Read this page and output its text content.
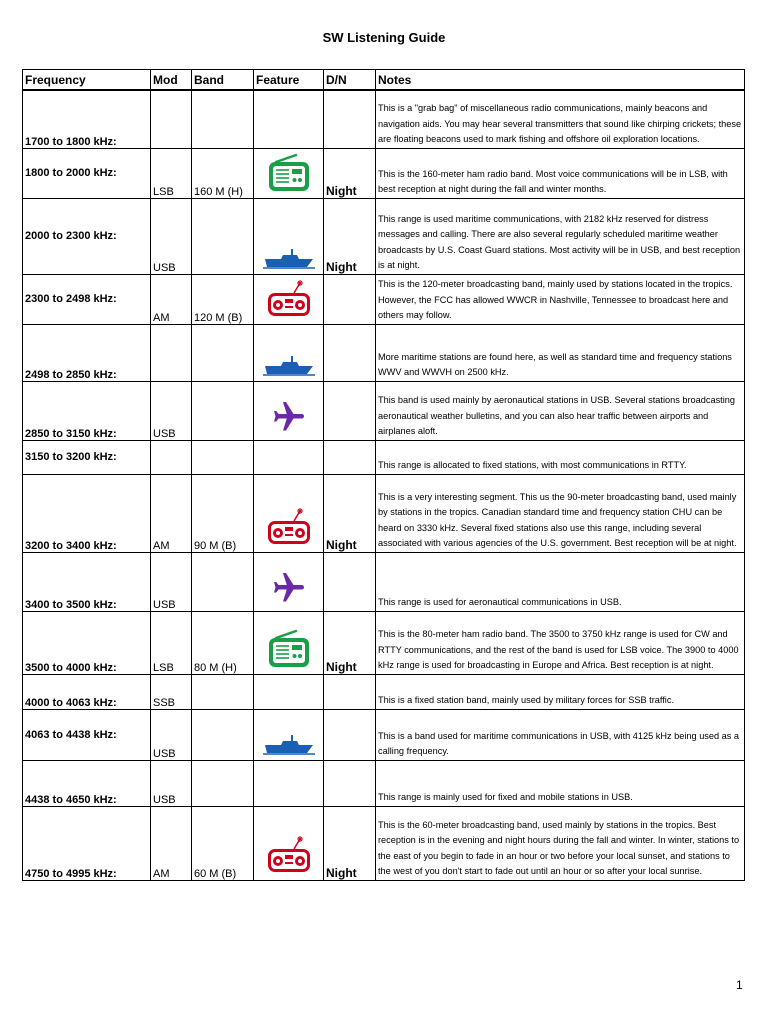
SW Listening Guide
Frequency	Mod	Band	Feature	D/N	Notes
1700 to 1800 kHz:					This is a "grab bag" of miscellaneous radio communications, mainly beacons and navigation aids. You may hear several transmitters that sound like chirping crickets; these are floating beacons used to mark fishing and offshore oil exploration locations.
1800 to 2000 kHz:	LSB	160 M (H)		Night	This is the 160-meter ham radio band. Most voice communications will be in LSB, with best reception at night during the fall and winter months.
2000 to 2300 kHz:	USB			Night	This range is used maritime communications, with 2182 kHz reserved for distress messages and calling. There are also several regularly scheduled maritime weather broadcasts by U.S. Coast Guard stations. Most activity will be in USB, and best reception is at night.
2300 to 2498 kHz:	AM	120 M (B)			This is the 120-meter broadcasting band, mainly used by stations located in the tropics. However, the FCC has allowed WWCR in Nashville, Tennessee to broadcast here and others may follow.
2498 to 2850 kHz:					More maritime stations are found here, as well as standard time and frequency stations WWV and WWVH on 2500 kHz.
2850 to 3150 kHz:	USB				This band is used mainly by aeronautical stations in USB. Several stations broadcasting aeronautical weather bulletins, and you can also hear traffic between airports and airplanes aloft.
3150 to 3200 kHz:					This range is allocated to fixed stations, with most communications in RTTY.
3200 to 3400 kHz:	AM	90 M (B)		Night	This is a very interesting segment. This us the 90-meter broadcasting band, used mainly by stations in the tropics. Canadian standard time and frequency station CHU can be heard on 3330 kHz. Several fixed stations also use this range, including several associated with various agencies of the U.S. government. Best reception will be at night.
3400 to 3500 kHz:	USB				This range is used for aeronautical communications in USB.
3500 to 4000 kHz:	LSB	80 M (H)		Night	This is the 80-meter ham radio band. The 3500 to 3750 kHz range is used for CW and RTTY communications, and the rest of the band is used for LSB voice. The 3900 to 4000 kHz range is used for broadcasting in Europe and Africa. Best reception is at night.
4000 to 4063 kHz:	SSB				This is a fixed station band, mainly used by military forces for SSB traffic.
4063 to 4438 kHz:	USB				This is a band used for maritime communications in USB, with 4125 kHz being used as a calling frequency.
4438 to 4650 kHz:	USB				This range is mainly used for fixed and mobile stations in USB.
4750 to 4995 kHz:	AM	60 M (B)		Night	This is the 60-meter broadcasting band, used mainly by stations in the tropics. Best reception is in the evening and night hours during the fall and winter. In winter, stations to the east of you begin to fade in an hour or two before your local sunset, and stations to the west of you don't start to fade out until an hour or so after your local sunrise.
1
